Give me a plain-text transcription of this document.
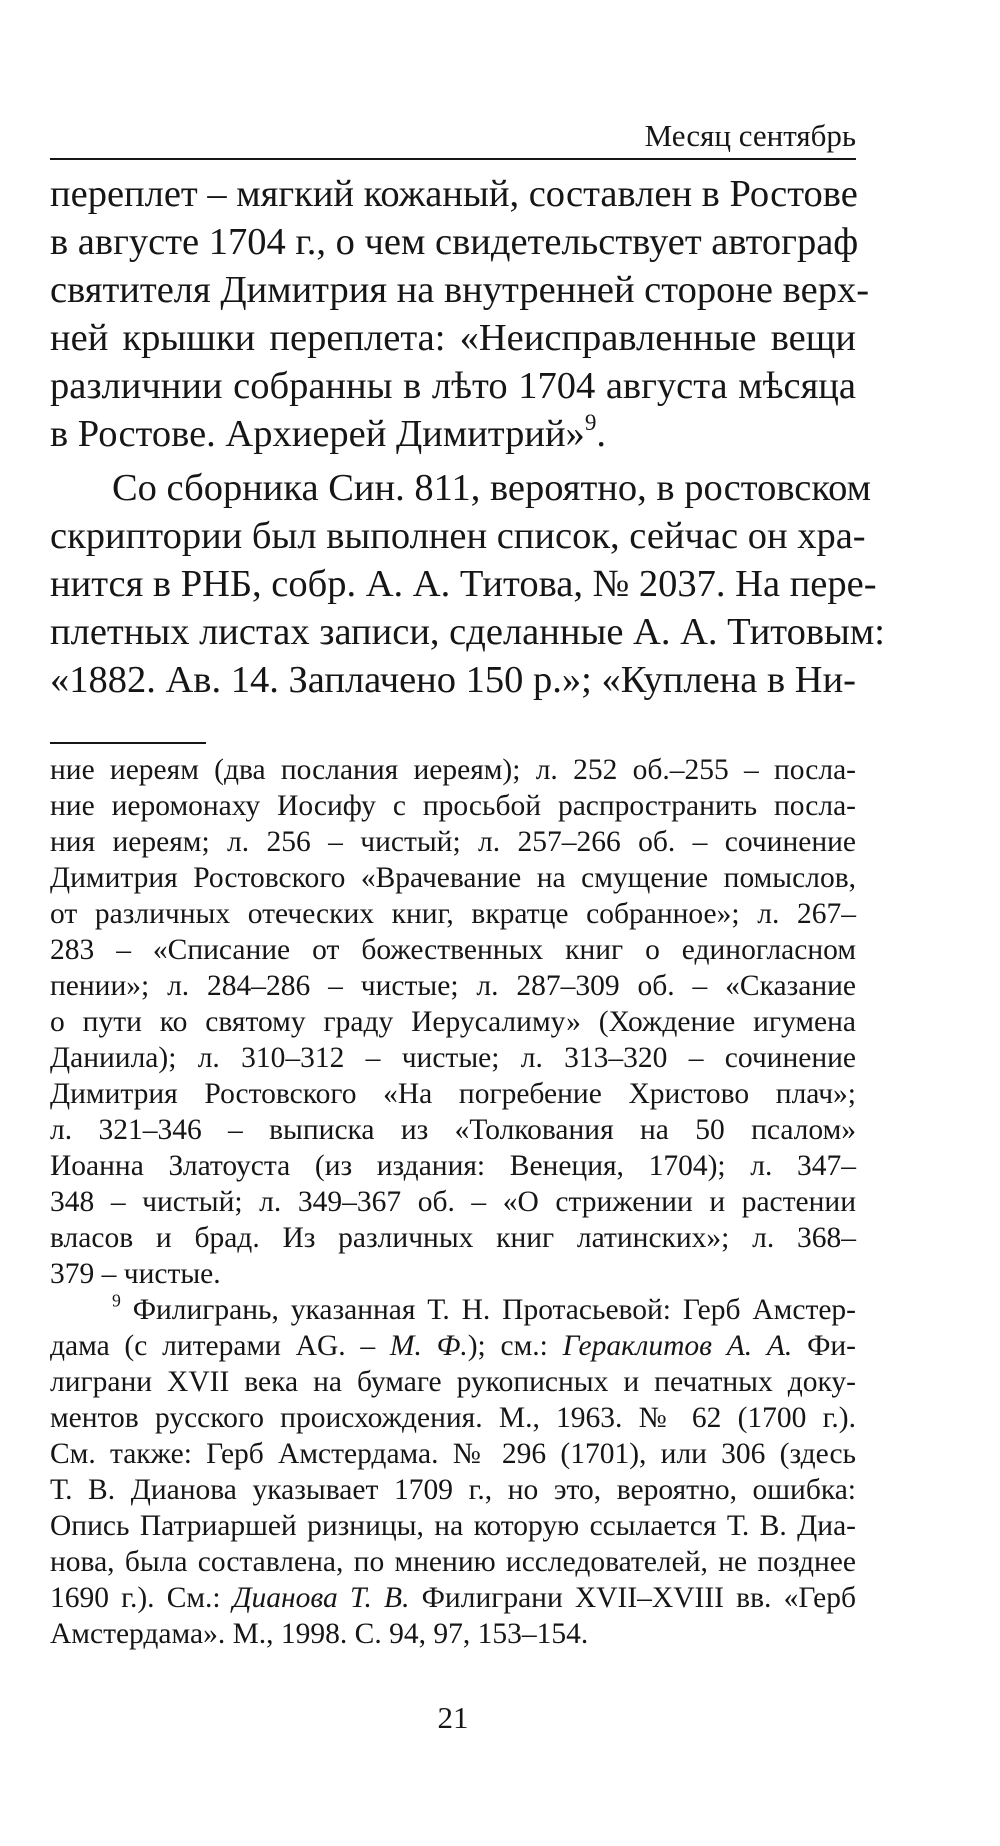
Месяц сентябрь
переплет – мягкий кожаный, составлен в Ростове
в августе 1704 г., о чем свидетельствует автограф
святителя Димитрия на внутренней стороне верх-
ней крышки переплета: «Неисправленные вещи
различнии собранны в лѣто 1704 августа мѣсяца
в Ростове. Архиерей Димитрий»$^9$.
Со сборника Син. 811, вероятно, в ростовском
скриптории был выполнен список, сейчас он хра-
нится в РНБ, собр. А. А. Титова, № 2037. На пере-
плетных листах записи, сделанные А. А. Титовым:
«1882. Ав. 14. Заплачено 150 р.»; «Куплена в Ни-
ние иереям (два послания иереям); л. 252 об.–255 – посла-
ние иеромонаху Иосифу с просьбой распространить посла-
ния иереям; л. 256 – чистый; л. 257–266 об. – сочинение
Димитрия Ростовского «Врачевание на смущение помыслов,
от различных отеческих книг, вкратце собранное»; л. 267–
283 – «Списание от божественных книг о единогласном
пении»; л. 284–286 – чистые; л. 287–309 об. – «Сказание
о пути ко святому граду Иерусалиму» (Хождение игумена
Даниила); л. 310–312 – чистые; л. 313–320 – сочинение
Димитрия Ростовского «На погребение Христово плач»;
л. 321–346 – выписка из «Толкования на 50 псалом»
Иоанна Златоуста (из издания: Венеция, 1704); л. 347–
348 – чистый; л. 349–367 об. – «О стрижении и растении
власов и брад. Из различных книг латинских»; л. 368–
379 – чистые.
$^9$ Филигрань, указанная Т. Н. Протасьевой: Герб Амстер-
дама (с литерами AG. – М. Ф.); см.: Гераклитов А. А. Фи-
лиграни XVII века на бумаге рукописных и печатных доку-
ментов русского происхождения. М., 1963. № 62 (1700 г.).
См. также: Герб Амстердама. № 296 (1701), или 306 (здесь
Т. В. Дианова указывает 1709 г., но это, вероятно, ошибка:
Опись Патриаршей ризницы, на которую ссылается Т. В. Диа-
нова, была составлена, по мнению исследователей, не позднее
1690 г.). См.: Дианова Т. В. Филиграни XVII–XVIII вв. «Герб
Амстердама». М., 1998. С. 94, 97, 153–154.
21
